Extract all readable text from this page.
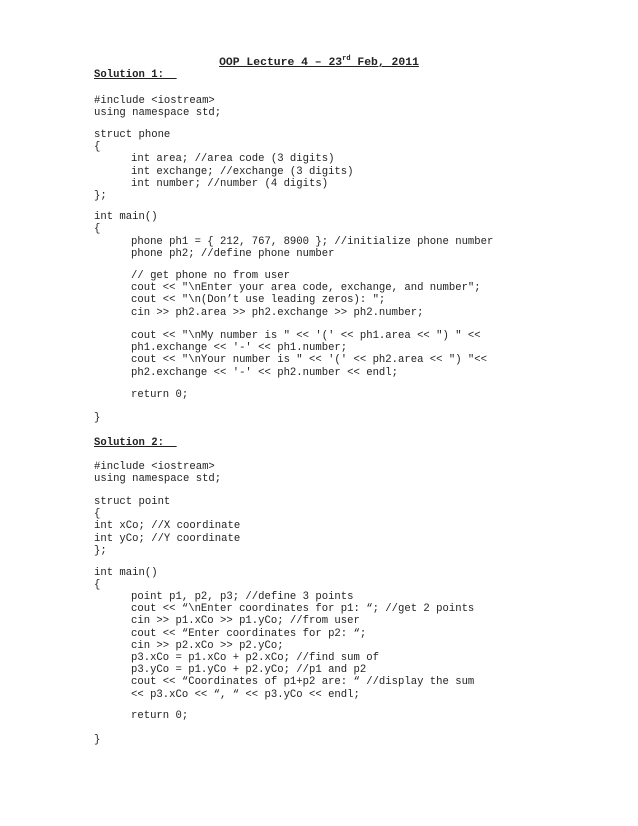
OOP Lecture 4 – 23rd Feb, 2011
Solution 1:
#include <iostream>
using namespace std;
struct phone
{
int area; //area code (3 digits)
int exchange; //exchange (3 digits)
int number; //number (4 digits)
};
int main()
{
phone ph1 = { 212, 767, 8900 }; //initialize phone number
phone ph2; //define phone number
// get phone no from user
cout << "\nEnter your area code, exchange, and number";
cout << "\n(Don’t use leading zeros): ";
cin >> ph2.area >> ph2.exchange >> ph2.number;
cout << "\nMy number is " << '(' << ph1.area << ") " <<
ph1.exchange << '-' << ph1.number;
cout << "\nYour number is " << '(' << ph2.area << ") "<<
ph2.exchange << '-' << ph2.number << endl;
return 0;
}
Solution 2:
#include <iostream>
using namespace std;
struct point
{
int xCo; //X coordinate
int yCo; //Y coordinate
};
int main()
{
point p1, p2, p3; //define 3 points
cout << “\nEnter coordinates for p1: “; //get 2 points
cin >> p1.xCo >> p1.yCo; //from user
cout << “Enter coordinates for p2: “;
cin >> p2.xCo >> p2.yCo;
p3.xCo = p1.xCo + p2.xCo; //find sum of
p3.yCo = p1.yCo + p2.yCo; //p1 and p2
cout << “Coordinates of p1+p2 are: “ //display the sum
<< p3.xCo << “, “ << p3.yCo << endl;
return 0;
}
